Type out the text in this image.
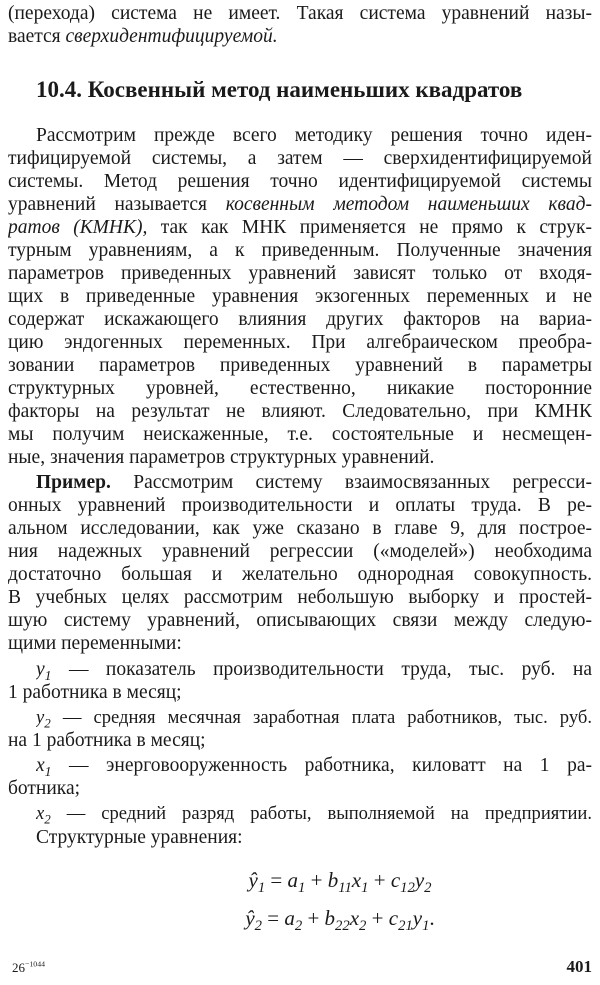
(перехода) система не имеет. Такая система уравнений назы-
вается сверхидентифицируемой.
10.4. Косвенный метод наименьших квадратов
Рассмотрим прежде всего методику решения точно иден-
тифицируемой системы, а затем — сверхидентифицируемой
системы. Метод решения точно идентифицируемой системы
уравнений называется косвенным методом наименьших квад-
ратов (КМНК), так как МНК применяется не прямо к струк-
турным уравнениям, а к приведенным. Полученные значения
параметров приведенных уравнений зависят только от входя-
щих в приведенные уравнения экзогенных переменных и не
содержат искажающего влияния других факторов на вариа-
цию эндогенных переменных. При алгебраическом преобра-
зовании параметров приведенных уравнений в параметры
структурных уровней, естественно, никакие посторонние
факторы на результат не влияют. Следовательно, при КМНК
мы получим неискаженные, т.е. состоятельные и несмещен-
ные, значения параметров структурных уравнений.
Пример. Рассмотрим систему взаимосвязанных регресси-
онных уравнений производительности и оплаты труда. В ре-
альном исследовании, как уже сказано в главе 9, для построе-
ния надежных уравнений регрессии («моделей») необходима
достаточно большая и желательно однородная совокупность.
В учебных целях рассмотрим небольшую выборку и простей-
шую систему уравнений, описывающих связи между следую-
щими переменными:
$y_1$ — показатель производительности труда, тыс. руб. на
1 работника в месяц;
$y_2$ — средняя месячная заработная плата работников, тыс. руб.
на 1 работника в месяц;
$x_1$ — энерговооруженность работника, киловатт на 1 ра-
ботника;
$x_2$ — средний разряд работы, выполняемой на предприятии.
Структурные уравнения:
$ŷ_1 = a_1 + b_{11}x_1 + c_{12}y_2$
$ŷ_2 = a_2 + b_{22}x_2 + c_{21}y_1$.
$26^{-1044}$	401
